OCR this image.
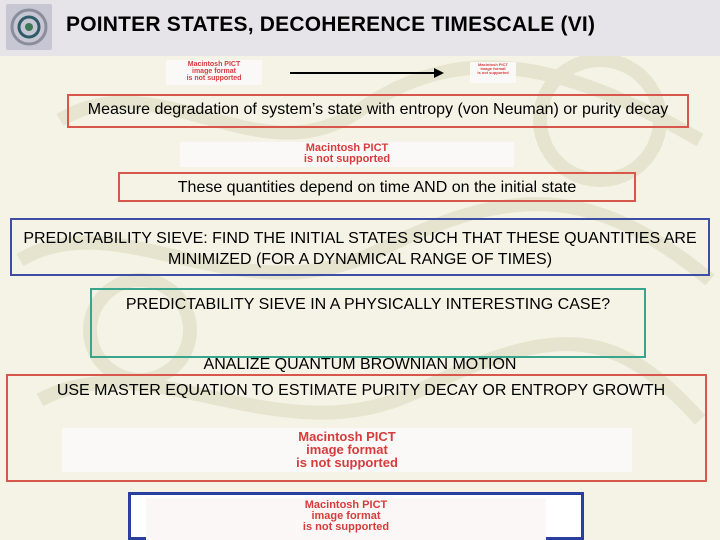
POINTER STATES, DECOHERENCE TIMESCALE (VI)
Macintosh PICT
image format
is not supported
Macintosh PICT
image format
is not supported
Measure degradation of system’s state with entropy (von Neuman) or purity decay
Macintosh PICT
is not supported
These quantities depend on time AND on the initial state
PREDICTABILITY SIEVE: FIND THE INITIAL STATES SUCH THAT THESE QUANTITIES ARE MINIMIZED (FOR A DYNAMICAL RANGE OF TIMES)
PREDICTABILITY SIEVE IN A PHYSICALLY INTERESTING CASE?
ANALIZE QUANTUM BROWNIAN MOTION
USE MASTER EQUATION TO ESTIMATE PURITY DECAY OR ENTROPY GROWTH
Macintosh PICT
image format
is not supported
Macintosh PICT
image format
is not supported
